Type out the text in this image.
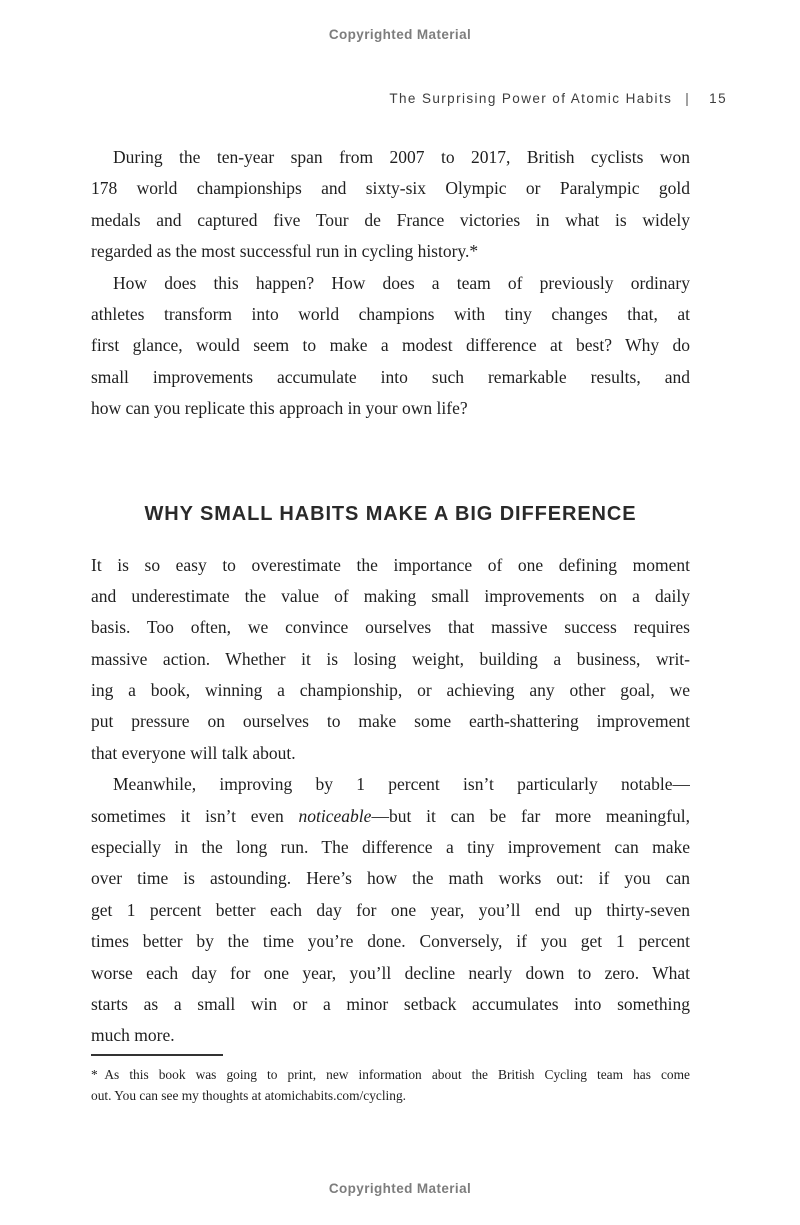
Copyrighted Material
The Surprising Power of Atomic Habits | 15
During the ten-year span from 2007 to 2017, British cyclists won
178 world championships and sixty-six Olympic or Paralympic gold
medals and captured five Tour de France victories in what is widely
regarded as the most successful run in cycling history.*
How does this happen? How does a team of previously ordinary
athletes transform into world champions with tiny changes that, at
first glance, would seem to make a modest difference at best? Why do
small improvements accumulate into such remarkable results, and
how can you replicate this approach in your own life?
WHY SMALL HABITS MAKE A BIG DIFFERENCE
It is so easy to overestimate the importance of one defining moment
and underestimate the value of making small improvements on a daily
basis. Too often, we convince ourselves that massive success requires
massive action. Whether it is losing weight, building a business, writ-
ing a book, winning a championship, or achieving any other goal, we
put pressure on ourselves to make some earth-shattering improvement
that everyone will talk about.
Meanwhile, improving by 1 percent isn’t particularly notable—
sometimes it isn’t even noticeable—but it can be far more meaningful,
especially in the long run. The difference a tiny improvement can make
over time is astounding. Here’s how the math works out: if you can
get 1 percent better each day for one year, you’ll end up thirty-seven
times better by the time you’re done. Conversely, if you get 1 percent
worse each day for one year, you’ll decline nearly down to zero. What
starts as a small win or a minor setback accumulates into something
much more.
* As this book was going to print, new information about the British Cycling team has come
out. You can see my thoughts at atomichabits.com/cycling.
Copyrighted Material
